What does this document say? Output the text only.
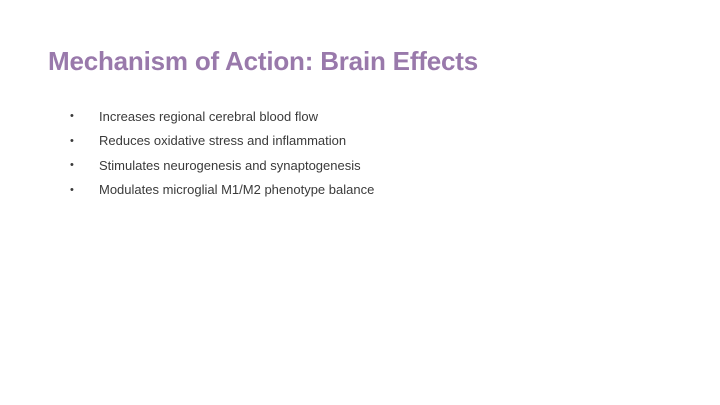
Mechanism of Action: Brain Effects
•	Increases regional cerebral blood flow
•	Reduces oxidative stress and inflammation
•	Stimulates neurogenesis and synaptogenesis
•	Modulates microglial M1/M2 phenotype balance
